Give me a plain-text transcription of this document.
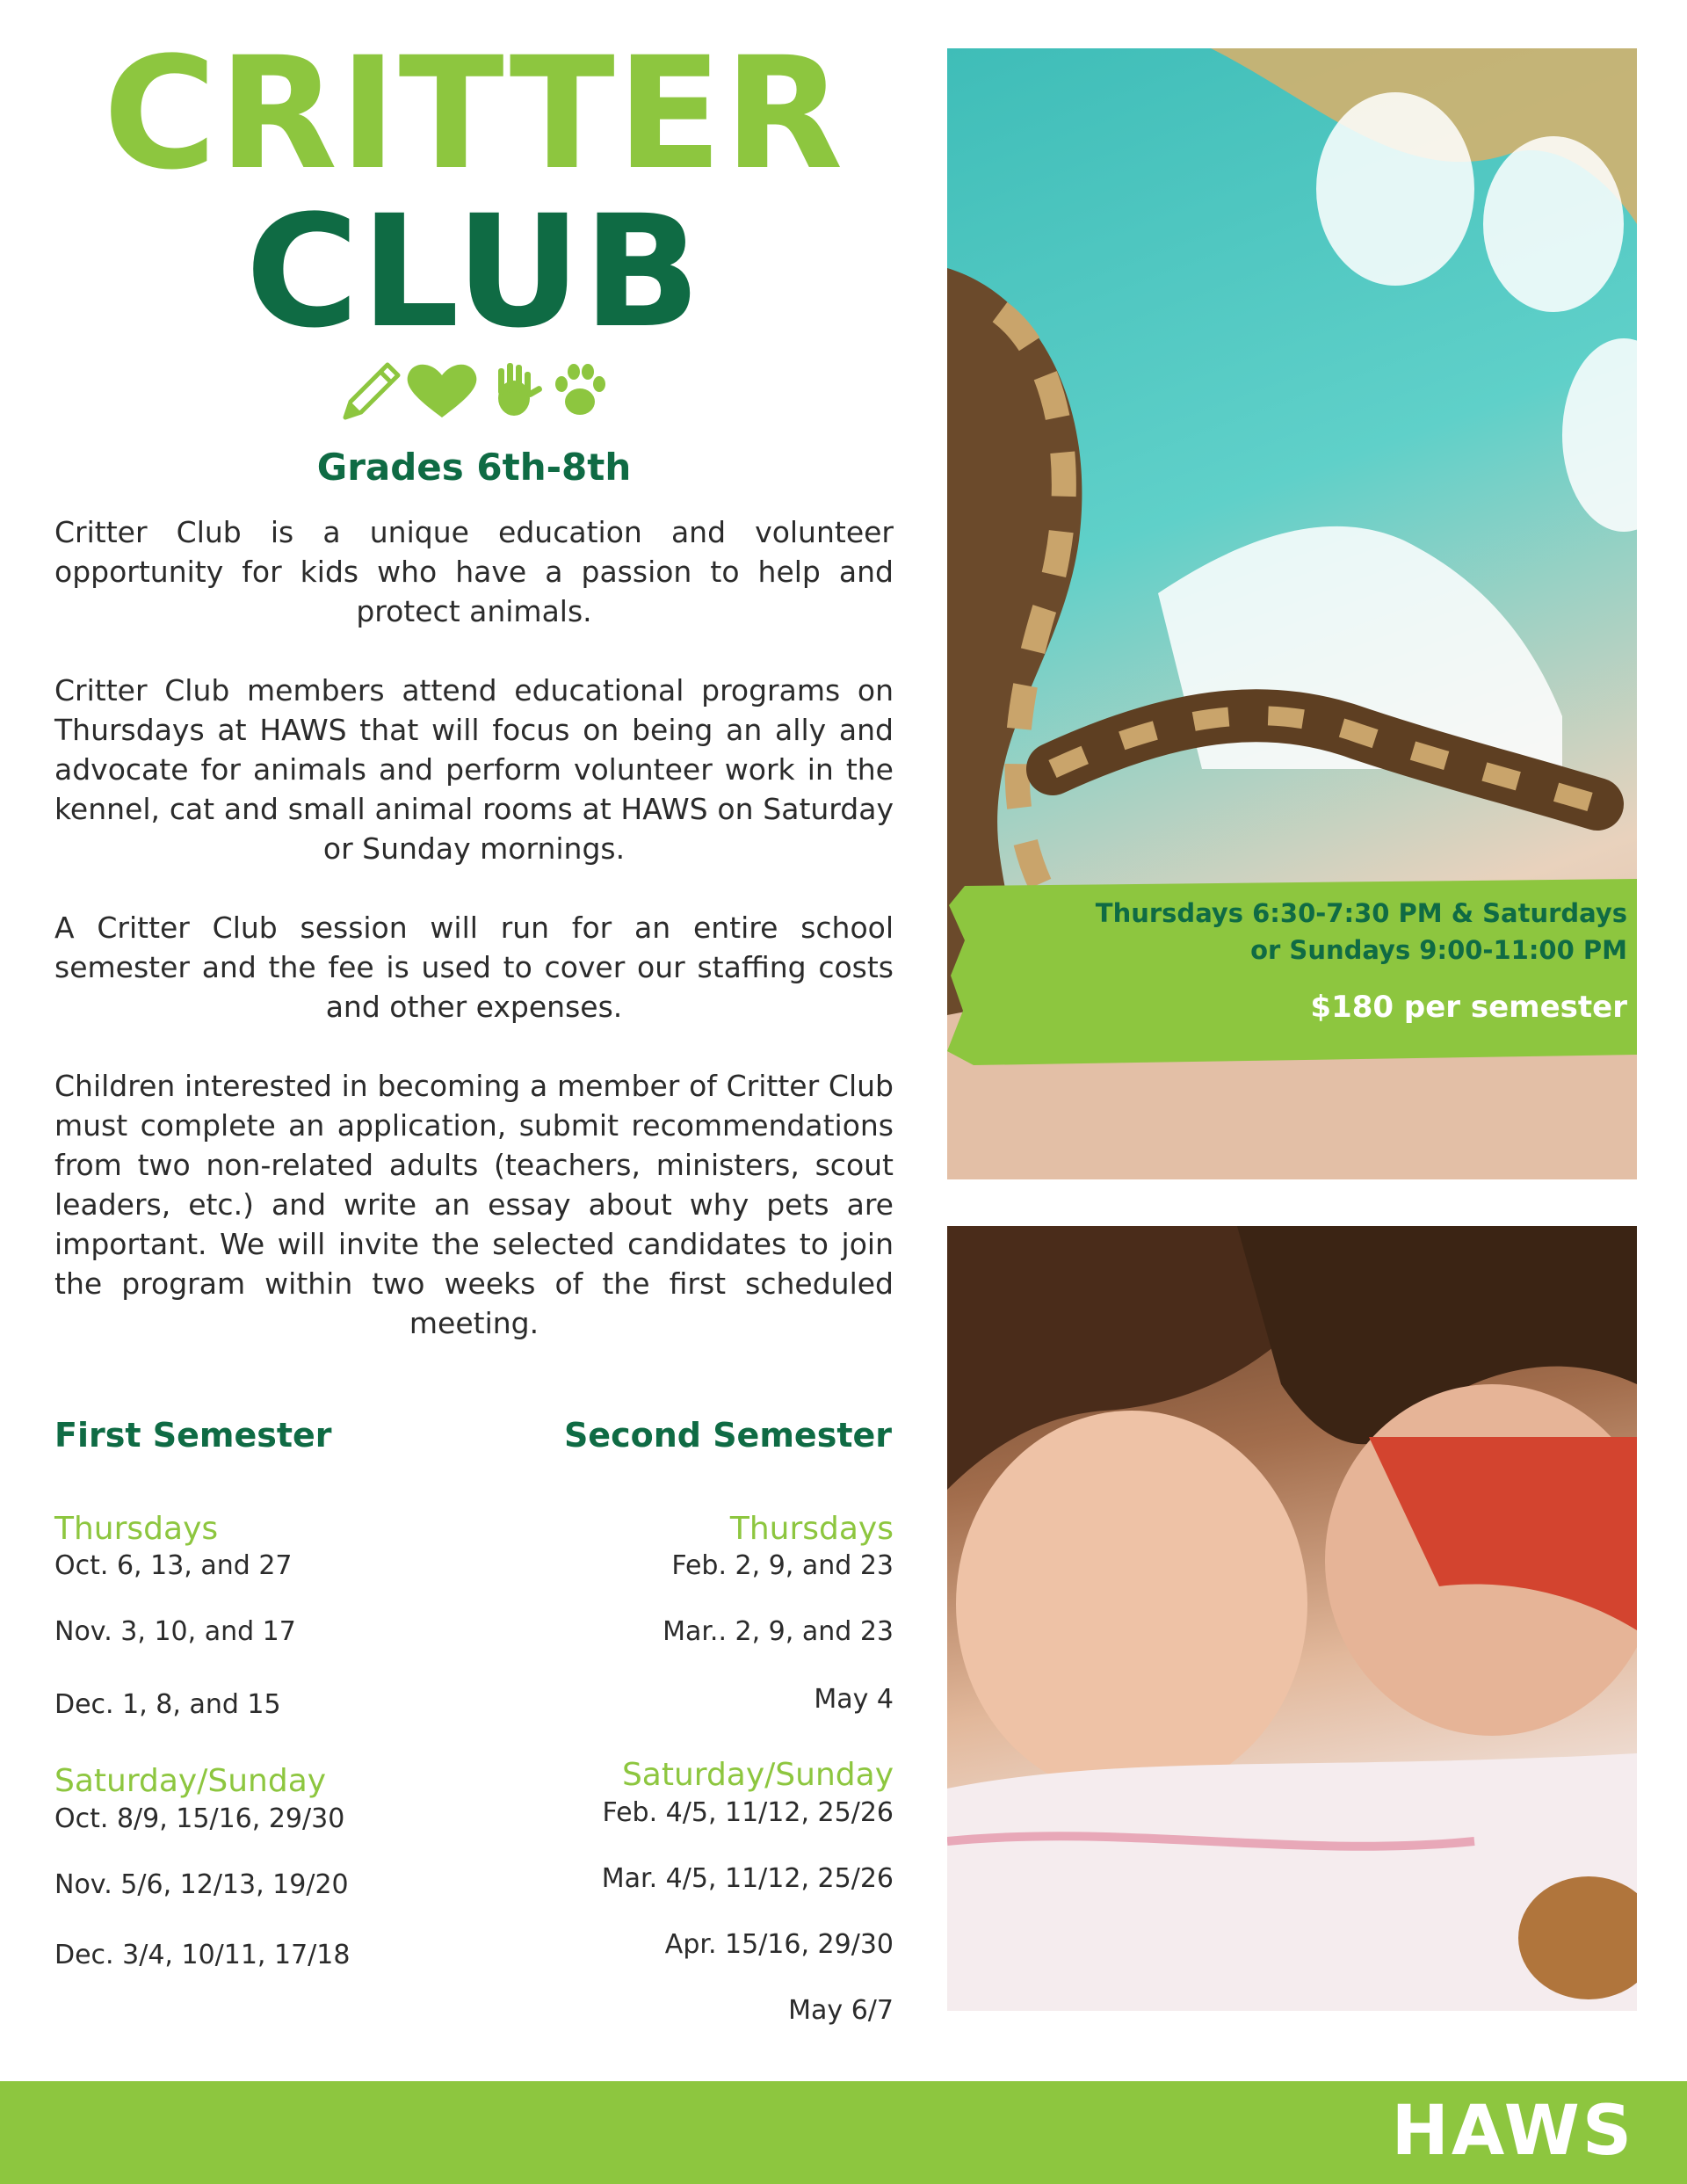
CRITTER
CLUB
Grades 6th-8th

Critter Club is a unique education and volunteer opportunity for kids who have a passion to help and protect animals.

Critter Club members attend educational programs on Thursdays at HAWS that will focus on being an ally and advocate for animals and perform volunteer work in the kennel, cat and small animal rooms at HAWS on Saturday or Sunday mornings.

A Critter Club session will run for an entire school semester and the fee is used to cover our staffing costs and other expenses.

Children interested in becoming a member of Critter Club must complete an application, submit recommendations from two non-related adults (teachers, ministers, scout leaders, etc.) and write an essay about why pets are important. We will invite the selected candidates to join the program within two weeks of the first scheduled meeting.

First Semester	Second Semester
Thursdays
Oct. 6, 13, and 27
Nov. 3, 10, and 17
Dec. 1, 8, and 15
Saturday/Sunday
Oct. 8/9, 15/16, 29/30
Nov. 5/6, 12/13, 19/20
Dec. 3/4, 10/11, 17/18
Thursdays
Feb. 2, 9, and 23
Mar.. 2, 9, and 23
May 4
Saturday/Sunday
Feb. 4/5, 11/12, 25/26
Mar. 4/5, 11/12, 25/26
Apr. 15/16, 29/30
May 6/7
Thursdays 6:30-7:30 PM & Saturdays
or Sundays 9:00-11:00 PM
$180 per semester
HAWS
